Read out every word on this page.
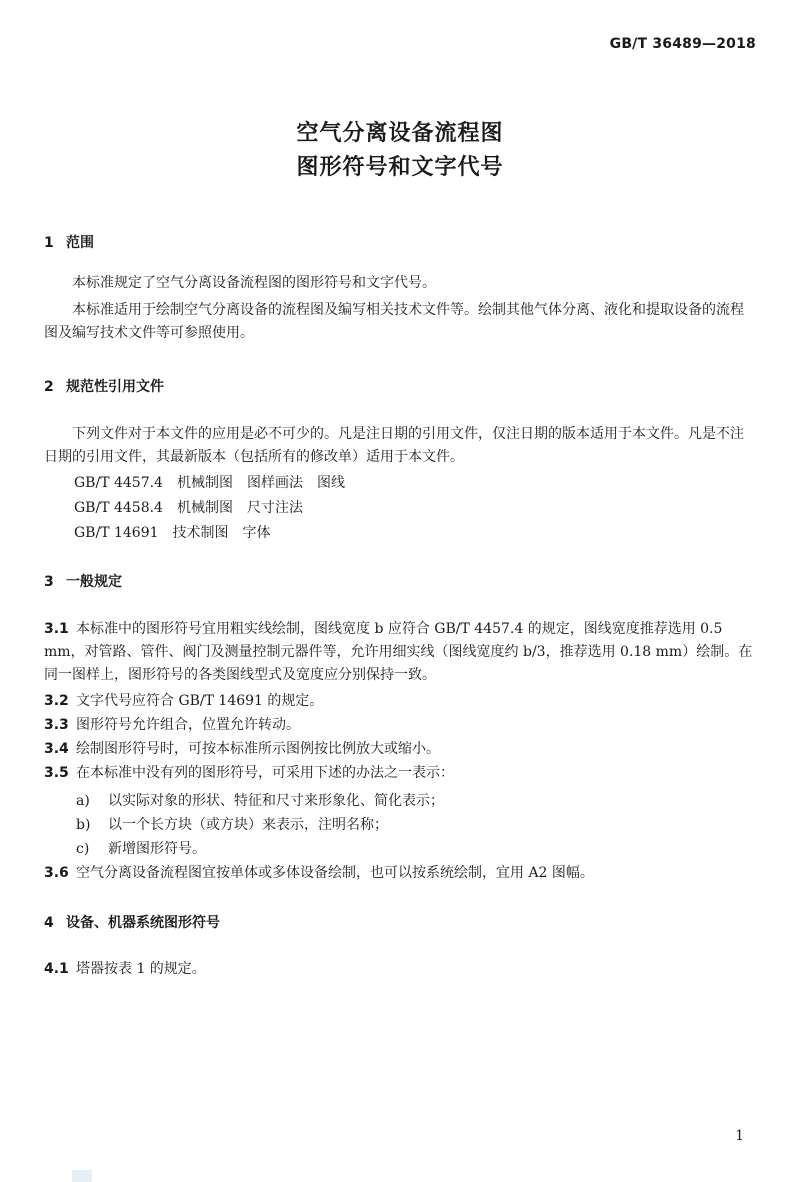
GB/T 36489—2018
空气分离设备流程图
图形符号和文字代号
1 范围
本标准规定了空气分离设备流程图的图形符号和文字代号。
本标准适用于绘制空气分离设备的流程图及编写相关技术文件等。绘制其他气体分离、液化和提取设备的流程图及编写技术文件等可参照使用。
2 规范性引用文件
下列文件对于本文件的应用是必不可少的。凡是注日期的引用文件，仅注日期的版本适用于本文件。凡是不注日期的引用文件，其最新版本（包括所有的修改单）适用于本文件。
GB/T 4457.4　机械制图　图样画法　图线
GB/T 4458.4　机械制图　尺寸注法
GB/T 14691　技术制图　字体
3 一般规定
3.1 本标准中的图形符号宜用粗实线绘制，图线宽度 b 应符合 GB/T 4457.4 的规定，图线宽度推荐选用 0.5 mm，对管路、管件、阀门及测量控制元器件等，允许用细实线（图线宽度约 b/3，推荐选用 0.18 mm）绘制。在同一图样上，图形符号的各类图线型式及宽度应分别保持一致。
3.2 文字代号应符合 GB/T 14691 的规定。
3.3 图形符号允许组合，位置允许转动。
3.4 绘制图形符号时，可按本标准所示图例按比例放大或缩小。
3.5 在本标准中没有列的图形符号，可采用下述的办法之一表示：
a) 以实际对象的形状、特征和尺寸来形象化、简化表示；
b) 以一个长方块（或方块）来表示，注明名称；
c) 新增图形符号。
3.6 空气分离设备流程图宜按单体或多体设备绘制，也可以按系统绘制，宜用 A2 图幅。
4 设备、机器系统图形符号
4.1 塔器按表 1 的规定。
1
